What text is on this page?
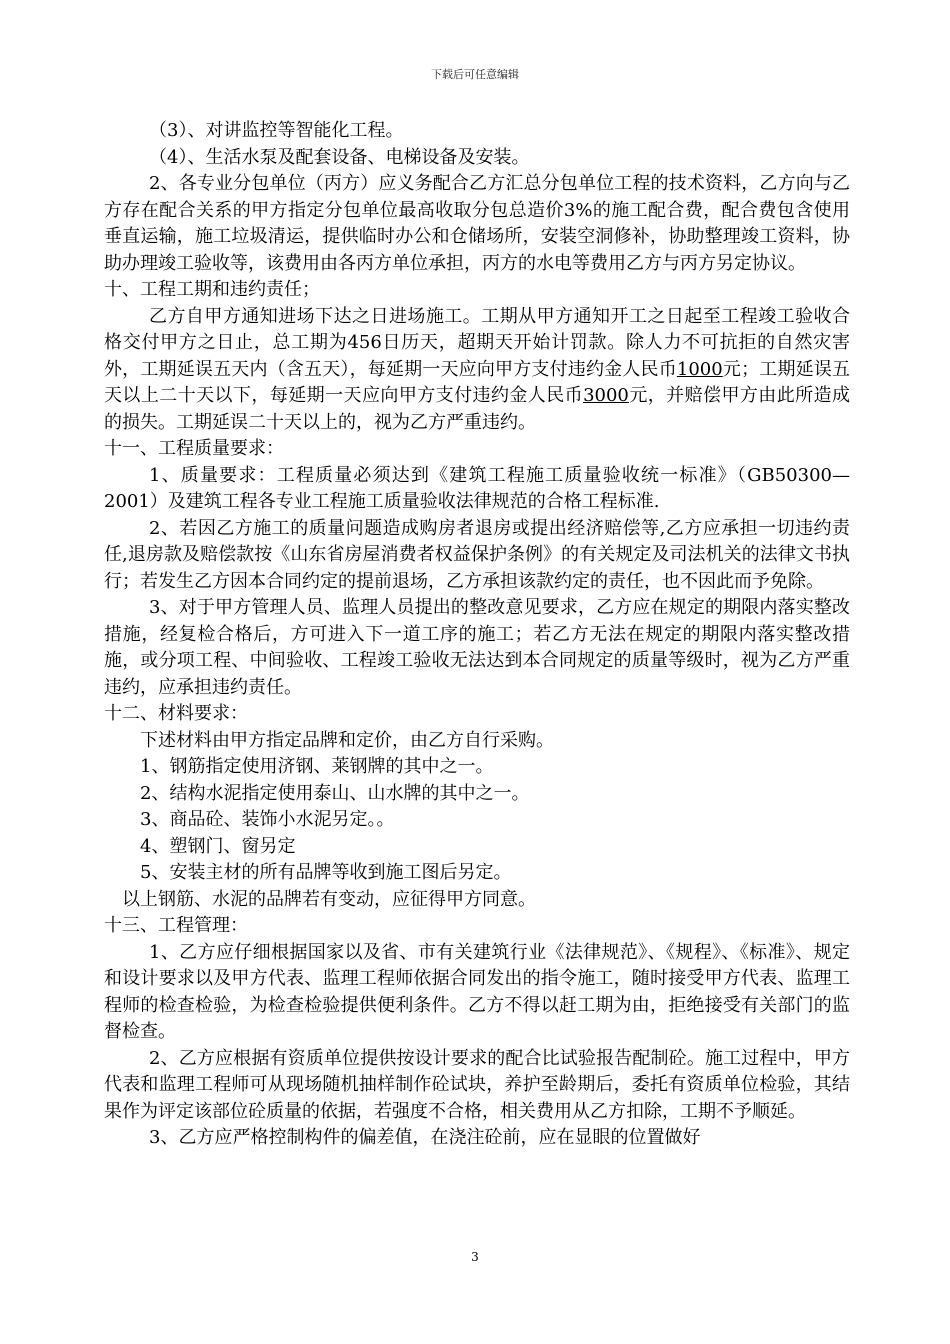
下载后可任意编辑

（3）、对讲监控等智能化工程。

（4）、生活水泵及配套设备、电梯设备及安装。

2、各专业分包单位（丙方）应义务配合乙方汇总分包单位工程的技术资料，乙方向与乙方存在配合关系的甲方指定分包单位最高收取分包总造价3%的施工配合费，配合费包含使用垂直运输，施工垃圾清运，提供临时办公和仓储场所，安装空洞修补，协助整理竣工资料，协助办理竣工验收等，该费用由各丙方单位承担，丙方的水电等费用乙方与丙方另定协议。

十、工程工期和违约责任；

乙方自甲方通知进场下达之日进场施工。工期从甲方通知开工之日起至工程竣工验收合格交付甲方之日止，总工期为456日历天，超期天开始计罚款。除人力不可抗拒的自然灾害外，工期延误五天内（含五天），每延期一天应向甲方支付违约金人民币1000元；工期延误五天以上二十天以下，每延期一天应向甲方支付违约金人民币3000元，并赔偿甲方由此所造成的损失。工期延误二十天以上的，视为乙方严重违约。

十一、工程质量要求：

1、质量要求：工程质量必须达到《建筑工程施工质量验收统一标准》（GB50300—2001）及建筑工程各专业工程施工质量验收法律规范的合格工程标准.

2、若因乙方施工的质量问题造成购房者退房或提出经济赔偿等,乙方应承担一切违约责任,退房款及赔偿款按《山东省房屋消费者权益保护条例》的有关规定及司法机关的法律文书执行；若发生乙方因本合同约定的提前退场，乙方承担该款约定的责任，也不因此而予免除。

3、对于甲方管理人员、监理人员提出的整改意见要求，乙方应在规定的期限内落实整改措施，经复检合格后，方可进入下一道工序的施工；若乙方无法在规定的期限内落实整改措施，或分项工程、中间验收、工程竣工验收无法达到本合同规定的质量等级时，视为乙方严重违约，应承担违约责任。

十二、材料要求：

下述材料由甲方指定品牌和定价，由乙方自行采购。

1、钢筋指定使用济钢、莱钢牌的其中之一。

2、结构水泥指定使用泰山、山水牌的其中之一。

3、商品砼、装饰小水泥另定。。

4、塑钢门、窗另定

5、安装主材的所有品牌等收到施工图后另定。

以上钢筋、水泥的品牌若有变动，应征得甲方同意。

十三、工程管理：

1、乙方应仔细根据国家以及省、市有关建筑行业《法律规范》、《规程》、《标准》、规定和设计要求以及甲方代表、监理工程师依据合同发出的指令施工，随时接受甲方代表、监理工程师的检查检验，为检查检验提供便利条件。乙方不得以赶工期为由，拒绝接受有关部门的监督检查。

2、乙方应根据有资质单位提供按设计要求的配合比试验报告配制砼。施工过程中，甲方代表和监理工程师可从现场随机抽样制作砼试块，养护至龄期后，委托有资质单位检验，其结果作为评定该部位砼质量的依据，若强度不合格，相关费用从乙方扣除，工期不予顺延。

3、乙方应严格控制构件的偏差值，在浇注砼前，应在显眼的位置做好

3
